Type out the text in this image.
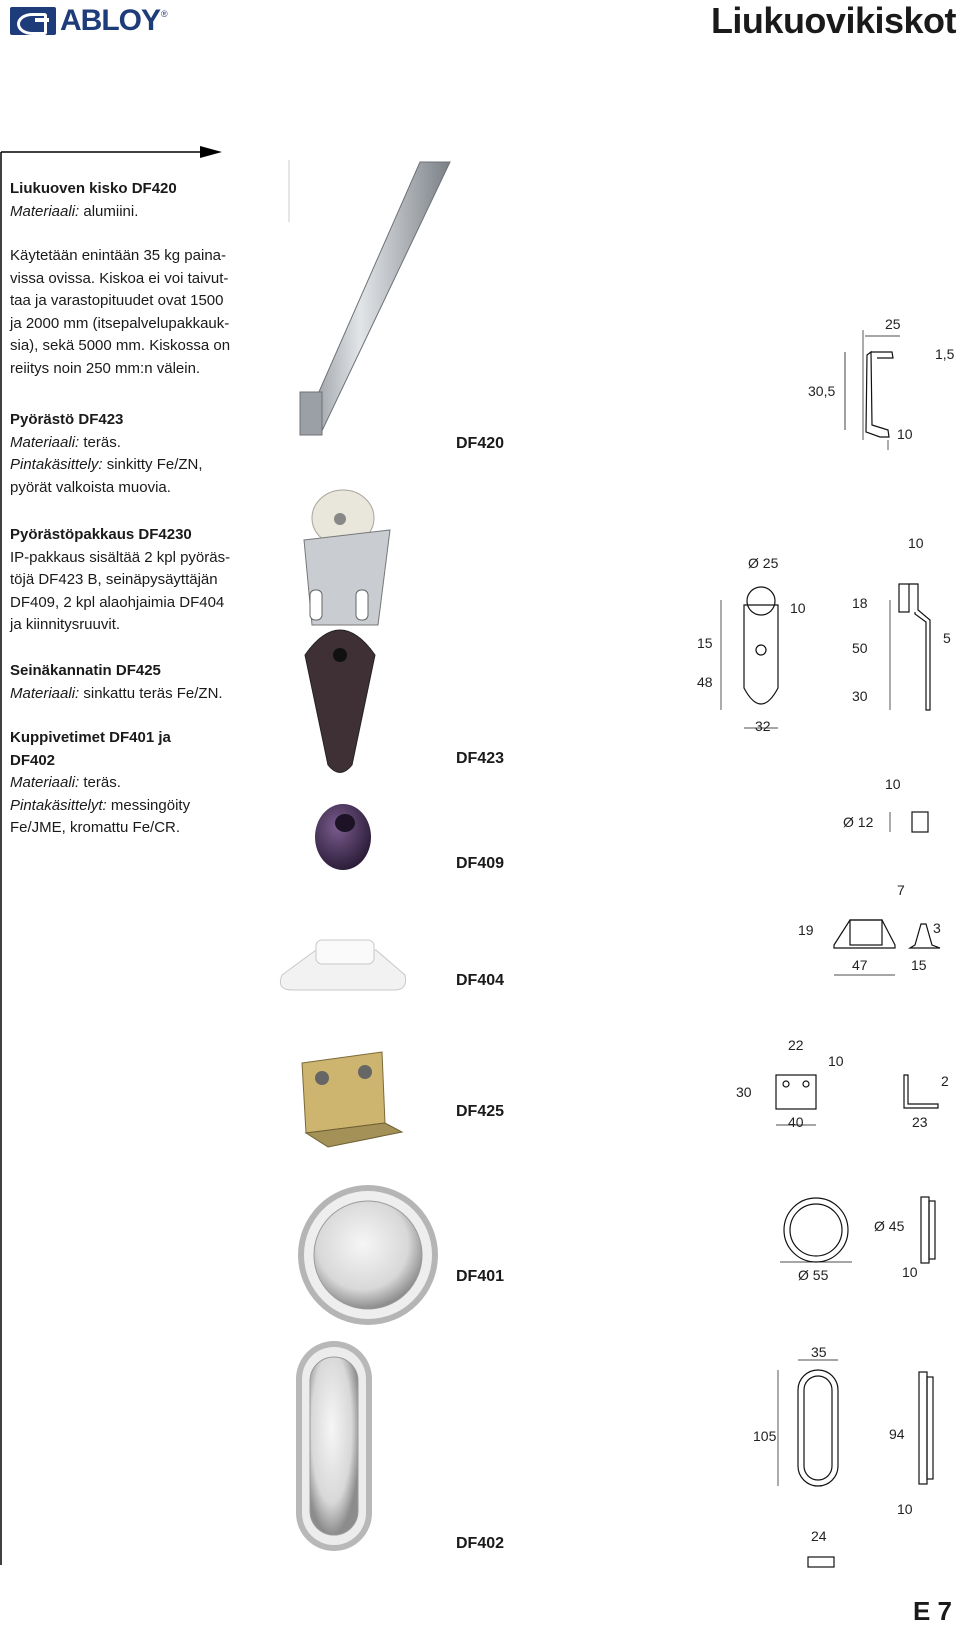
ABLOY ®	Liukuovikiskot
Liukuoven kisko DF420

Materiaali: alumiini.

Käytetään enintään 35 kg paina-

vissa ovissa. Kiskoa ei voi taivut-

taa ja varastopituudet ovat 1500

ja 2000 mm (itsepalvelupakkauk-

sia), sekä 5000 mm. Kiskossa on

reiitys noin 250 mm:n välein.

Pyörästö DF423

Materiaali: teräs.

Pintakäsittely: sinkitty Fe/ZN,

pyörät valkoista muovia.

Pyörästöpakkaus DF4230

IP-pakkaus sisältää 2 kpl pyöräs-

töjä DF423 B, seinäpysäyttäjän

DF409, 2 kpl alaohjaimia DF404

ja kiinnitysruuvit.

Seinäkannatin DF425

Materiaali: sinkattu teräs Fe/ZN.

Kuppivetimet DF401 ja
DF402

Materiaali: teräs.

Pintakäsittelyt: messingöity

Fe/JME, kromattu Fe/CR.

DF420
DF423
DF409
DF404
DF425
DF401
DF402
25
1,5
30,5
10
10
Ø 25
10	18
15	50
5
48
30
32
10
Ø 12
7
19	3
47	15
22
10
30
2
40	23
Ø 45
Ø 55	10
35
105	94
10
24
E 7
